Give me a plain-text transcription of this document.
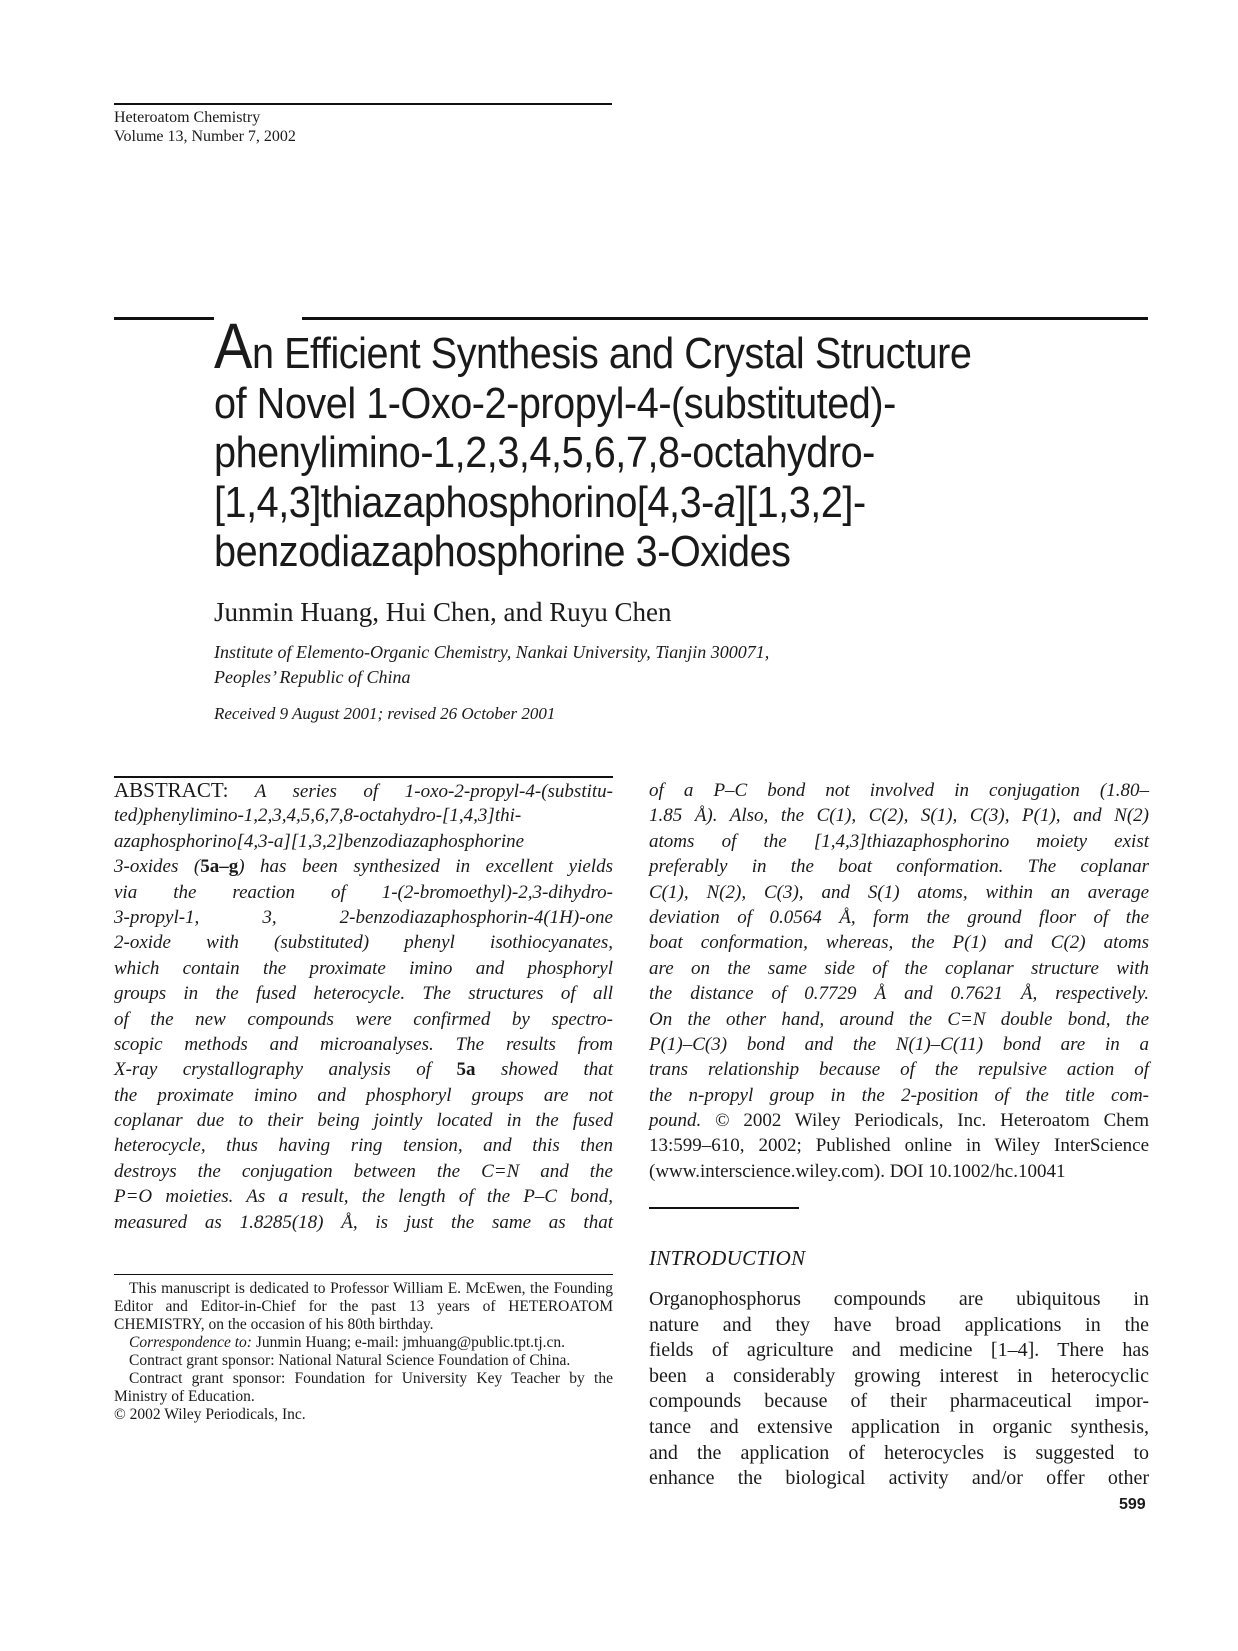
Heteroatom Chemistry
Volume 13, Number 7, 2002
An Efficient Synthesis and Crystal Structure
of Novel 1-Oxo-2-propyl-4-(substituted)-
phenylimino-1,2,3,4,5,6,7,8-octahydro-
[1,4,3]thiazaphosphorino[4,3-a][1,3,2]-
benzodiazaphosphorine 3-Oxides
Junmin Huang, Hui Chen, and Ruyu Chen
Institute of Elemento-Organic Chemistry, Nankai University, Tianjin 300071,
Peoples’ Republic of China
Received 9 August 2001; revised 26 October 2001
ABSTRACT: A series of 1-oxo-2-propyl-4-(substitu-
ted)phenylimino-1,2,3,4,5,6,7,8-octahydro-[1,4,3]thi-
azaphosphorino[4,3-a][1,3,2]benzodiazaphosphorine
3-oxides (5a–g) has been synthesized in excellent yields
via the reaction of 1-(2-bromoethyl)-2,3-dihydro-
3-propyl-1, 3, 2-benzodiazaphosphorin-4(1H)-one
2-oxide with (substituted) phenyl isothiocyanates,
which contain the proximate imino and phosphoryl
groups in the fused heterocycle. The structures of all
of the new compounds were confirmed by spectro-
scopic methods and microanalyses. The results from
X-ray crystallography analysis of 5a showed that
the proximate imino and phosphoryl groups are not
coplanar due to their being jointly located in the fused
heterocycle, thus having ring tension, and this then
destroys the conjugation between the C=N and the
P=O moieties. As a result, the length of the P–C bond,
measured as 1.8285(18) Å, is just the same as that
of a P–C bond not involved in conjugation (1.80–
1.85 Å). Also, the C(1), C(2), S(1), C(3), P(1), and N(2)
atoms of the [1,4,3]thiazaphosphorino moiety exist
preferably in the boat conformation. The coplanar
C(1), N(2), C(3), and S(1) atoms, within an average
deviation of 0.0564 Å, form the ground floor of the
boat conformation, whereas, the P(1) and C(2) atoms
are on the same side of the coplanar structure with
the distance of 0.7729 Å and 0.7621 Å, respectively.
On the other hand, around the C=N double bond, the
P(1)–C(3) bond and the N(1)–C(11) bond are in a
trans relationship because of the repulsive action of
the n-propyl group in the 2-position of the title com-
pound. © 2002 Wiley Periodicals, Inc. Heteroatom Chem
13:599–610, 2002; Published online in Wiley InterScience
(www.interscience.wiley.com). DOI 10.1002/hc.10041

This manuscript is dedicated to Professor William E. McEwen, the Founding Editor and Editor-in-Chief for the past 13 years of HETEROATOM CHEMISTRY, on the occasion of his 80th birthday.

Correspondence to: Junmin Huang; e-mail: jmhuang@public.tpt.tj.cn.

Contract grant sponsor: National Natural Science Foundation of China.

Contract grant sponsor: Foundation for University Key Teacher by the Ministry of Education.

© 2002 Wiley Periodicals, Inc.

INTRODUCTION
Organophosphorus compounds are ubiquitous in
nature and they have broad applications in the
fields of agriculture and medicine [1–4]. There has
been a considerably growing interest in heterocyclic
compounds because of their pharmaceutical impor-
tance and extensive application in organic synthesis,
and the application of heterocycles is suggested to
enhance the biological activity and/or offer other
599
